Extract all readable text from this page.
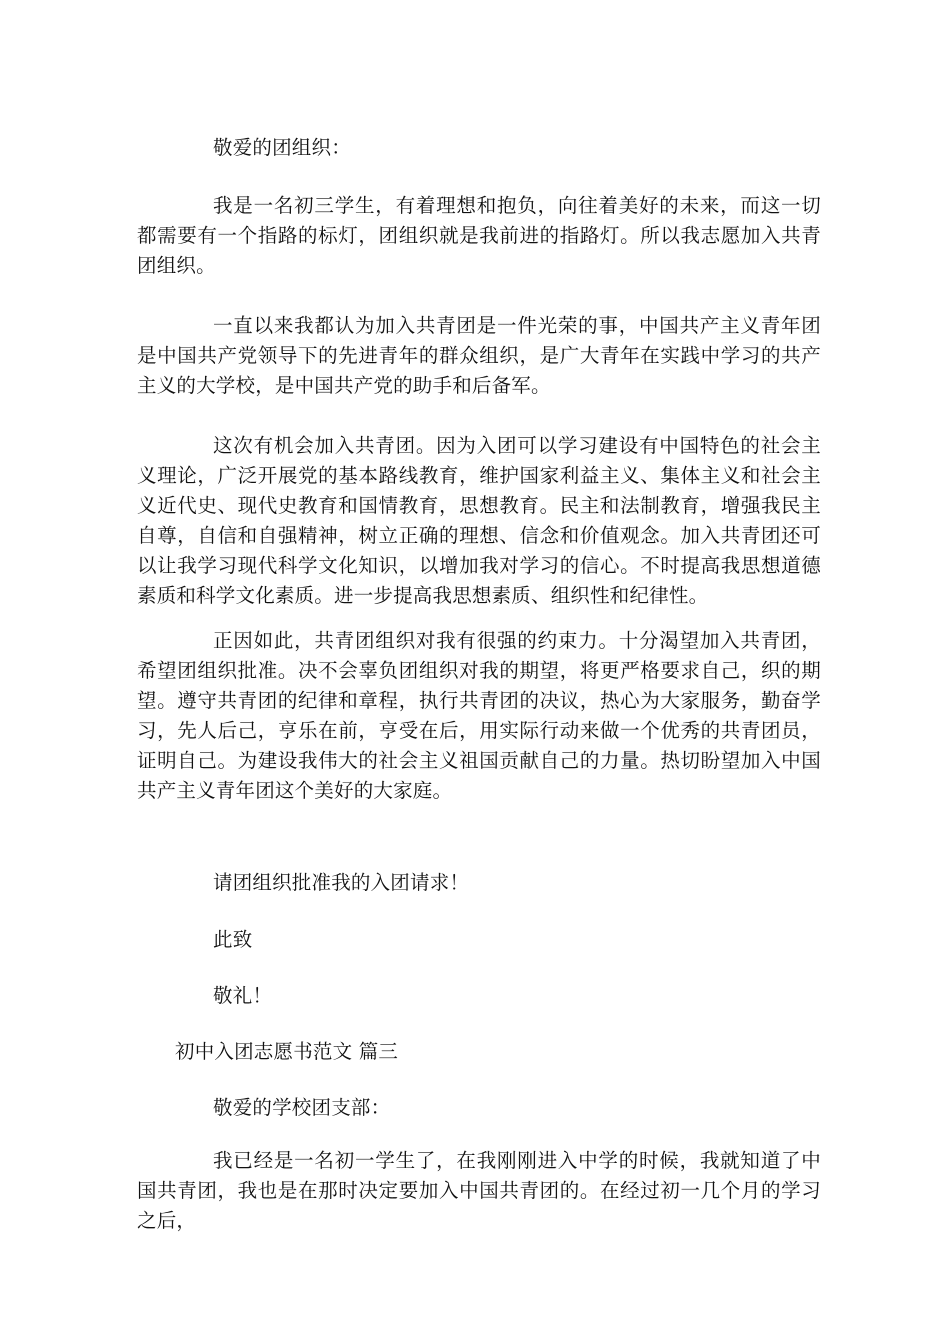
敬爱的团组织：

我是一名初三学生，有着理想和抱负，向往着美好的未来，而这一切都需要有一个指路的标灯，团组织就是我前进的指路灯。所以我志愿加入共青团组织。

一直以来我都认为加入共青团是一件光荣的事，中国共产主义青年团是中国共产党领导下的先进青年的群众组织，是广大青年在实践中学习的共产主义的大学校，是中国共产党的助手和后备军。

这次有机会加入共青团。因为入团可以学习建设有中国特色的社会主义理论，广泛开展党的基本路线教育，维护国家利益主义、集体主义和社会主义近代史、现代史教育和国情教育，思想教育。民主和法制教育，增强我民主自尊，自信和自强精神，树立正确的理想、信念和价值观念。加入共青团还可以让我学习现代科学文化知识，以增加我对学习的信心。不时提高我思想道德素质和科学文化素质。进一步提高我思想素质、组织性和纪律性。

正因如此，共青团组织对我有很强的约束力。十分渴望加入共青团，希望团组织批准。决不会辜负团组织对我的期望，将更严格要求自己，织的期望。遵守共青团的纪律和章程，执行共青团的决议，热心为大家服务，勤奋学习，先人后己，亨乐在前，亨受在后，用实际行动来做一个优秀的共青团员，证明自己。为建设我伟大的社会主义祖国贡献自己的力量。热切盼望加入中国共产主义青年团这个美好的大家庭。

请团组织批准我的入团请求！

此致

敬礼！

初中入团志愿书范文 篇三

敬爱的学校团支部：

我已经是一名初一学生了，在我刚刚进入中学的时候，我就知道了中国共青团，我也是在那时决定要加入中国共青团的。在经过初一几个月的学习之后，
